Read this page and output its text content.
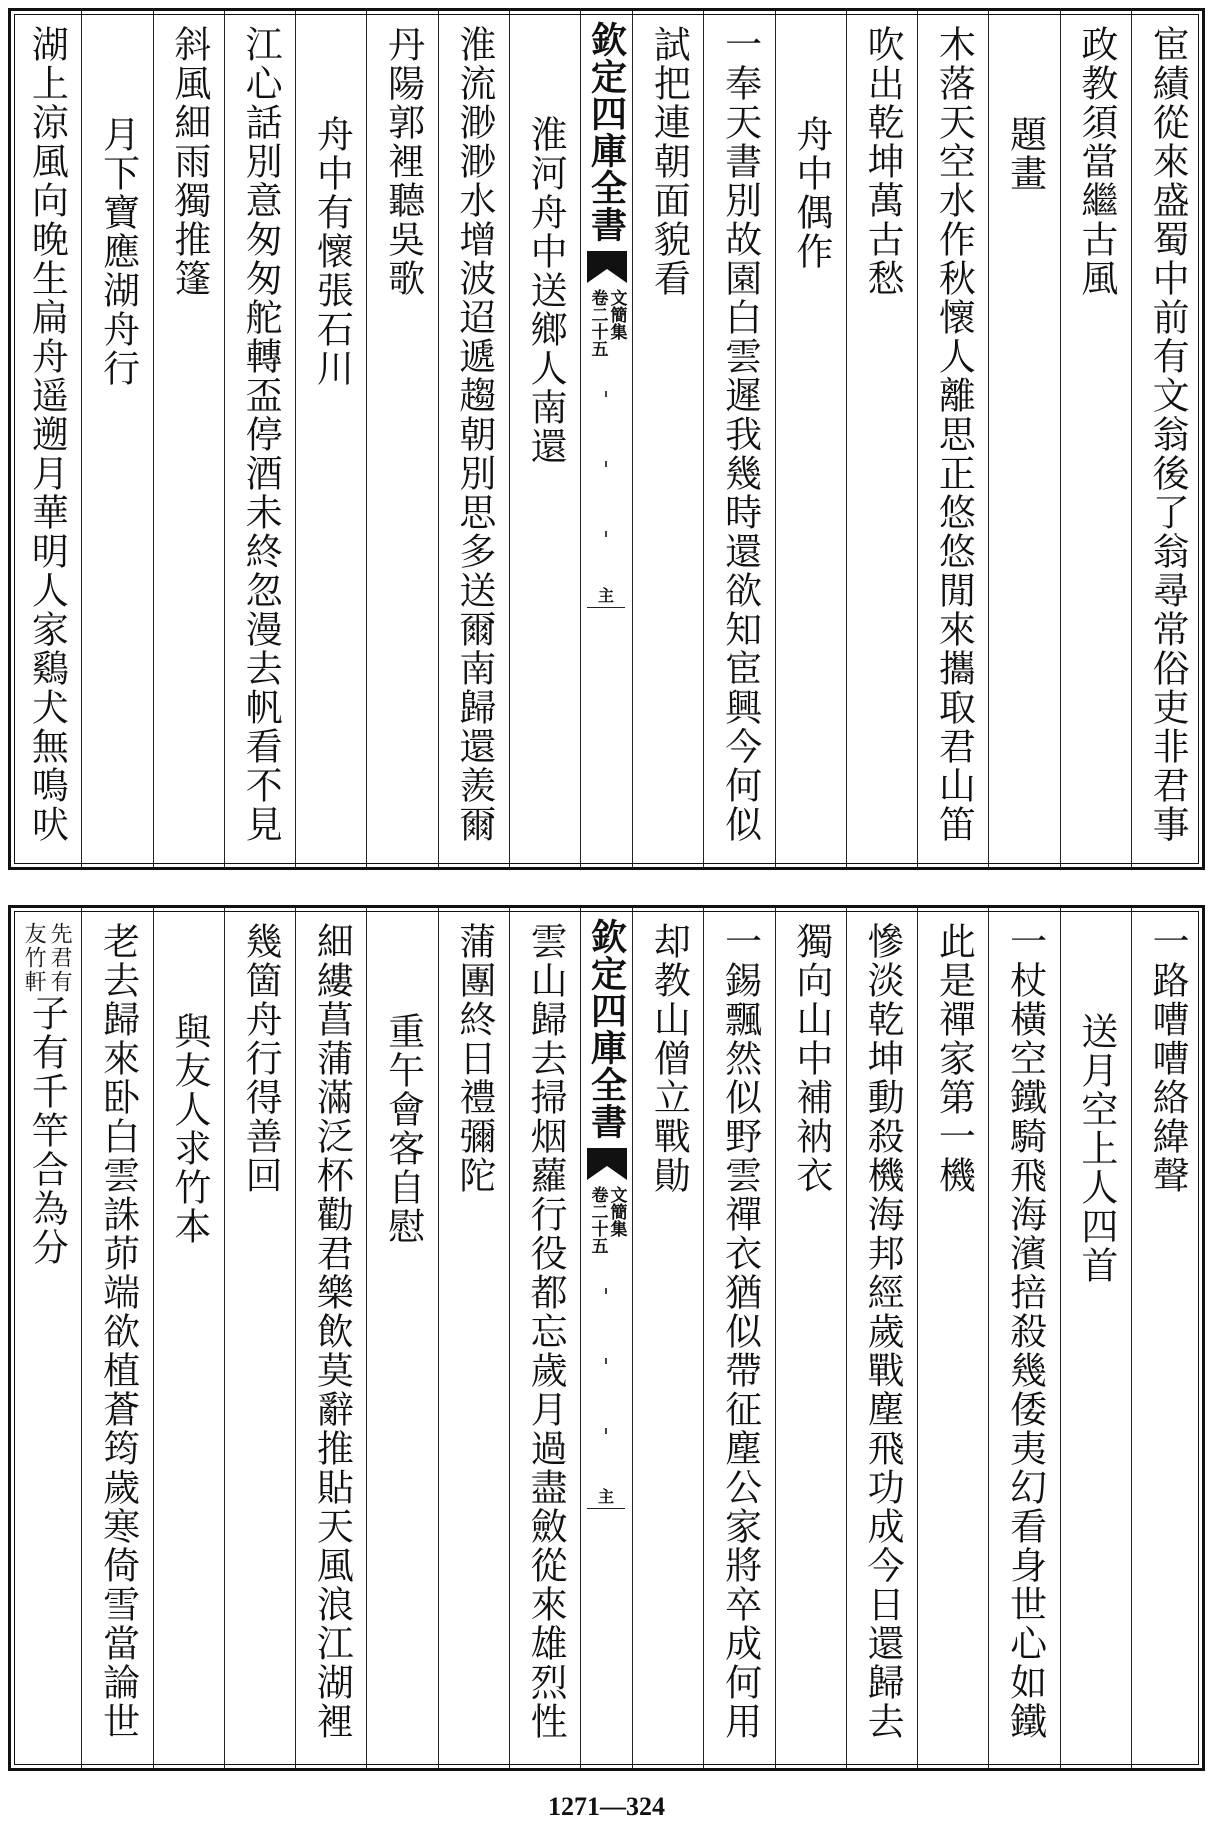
宦績從來盛蜀中前有文翁後了翁尋常俗吏非君事
政教須當繼古風
題畫
木落天空水作秋懷人離思正悠悠閒來攜取君山笛
吹出乾坤萬古愁
舟中偶作
一奉天書別故園白雲遲我幾時還欲知宦興今何似
試把連朝面貌看
欽定四庫全書
文簡集
卷二十五
主
淮河舟中送鄉人南還
淮流渺渺水增波迢遞趨朝別思多送爾南歸還羨爾
丹陽郭裡聽吳歌
舟中有懷張石川
江心話別意匆匆舵轉盃停酒未終忽漫去帆看不見
斜風細雨獨推篷
月下寶應湖舟行
湖上涼風向晚生扁舟遥遡月華明人家鷄犬無鳴吠
一路嘈嘈絡緯聲
送月空上人四首
一杖橫空鐵騎飛海濱掊殺幾倭夷幻看身世心如鐵
此是禪家第一機
慘淡乾坤動殺機海邦經歲戰塵飛功成今日還歸去
獨向山中補衲衣
一錫飄然似野雲禪衣猶似帶征塵公家將卒成何用
却教山僧立戰勛
欽定四庫全書
文簡集
卷二十五
主
雲山歸去掃烟蘿行役都忘歲月過盡斂從來雄烈性
蒲團終日禮彌陀
重午會客自慰
細縷菖蒲滿泛杯勸君樂飲莫辭推貼天風浪江湖裡
幾箇舟行得善回
與友人求竹本
老去歸來卧白雲誅茆端欲植蒼筠歲寒倚雪當論世
先君有
友竹軒
子有千竿合為分
1271—324
